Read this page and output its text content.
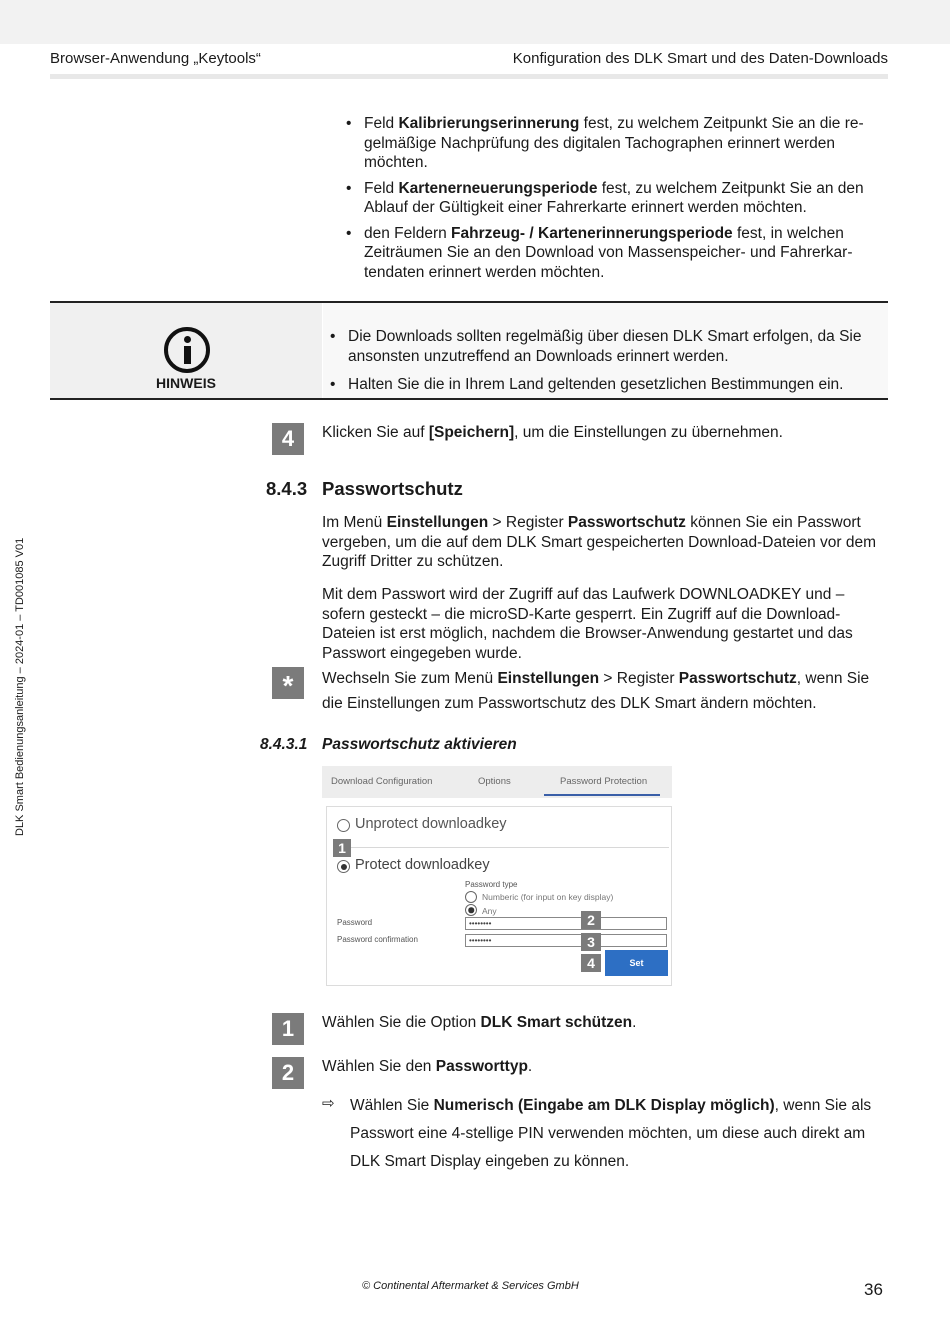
Browser-Anwendung „Keytools“	Konfiguration des DLK Smart und des Daten-Downloads
DLK Smart Bedienungsanleitung – 2024-01 – TD001085 V01
• Feld Kalibrierungserinnerung fest, zu welchem Zeitpunkt Sie an die re-gelmäßige Nachprüfung des digitalen Tachographen erinnert werden möchten.
• Feld Kartenerneuerungsperiode fest, zu welchem Zeitpunkt Sie an den Ablauf der Gültigkeit einer Fahrerkarte erinnert werden möchten.
• den Feldern Fahrzeug- / Kartenerinnerungsperiode fest, in welchen Zeiträumen Sie an den Download von Massenspeicher- und Fahrerkar-tendaten erinnert werden möchten.
HINWEIS
• Die Downloads sollten regelmäßig über diesen DLK Smart erfolgen, da Sie ansonsten unzutreffend an Downloads erinnert werden.
• Halten Sie die in Ihrem Land geltenden gesetzlichen Bestimmungen ein.
4	Klicken Sie auf [Speichern], um die Einstellungen zu übernehmen.
8.4.3 Passwortschutz
Im Menü Einstellungen > Register Passwortschutz können Sie ein Passwort vergeben, um die auf dem DLK Smart gespeicherten Download-Dateien vor dem Zugriff Dritter zu schützen.
Mit dem Passwort wird der Zugriff auf das Laufwerk DOWNLOADKEY und – sofern gesteckt – die microSD-Karte gesperrt. Ein Zugriff auf die Download-Dateien ist erst möglich, nachdem die Browser-Anwendung gestartet und das Passwort eingegeben wurde.
*	Wechseln Sie zum Menü Einstellungen > Register Passwortschutz, wenn Sie die Einstellungen zum Passwortschutz des DLK Smart ändern möchten.
8.4.3.1 Passwortschutz aktivieren
Download Configuration	Options	Password Protection
Unprotect downloadkey
1
Protect downloadkey
Password type
Numberic (for input on key display)
Any
Password	••••••••
Password confirmation	••••••••
2
3
4	Set
1	Wählen Sie die Option DLK Smart schützen.
2	Wählen Sie den Passworttyp.
⇨ Wählen Sie Numerisch (Eingabe am DLK Display möglich), wenn Sie als Passwort eine 4-stellige PIN verwenden möchten, um diese auch direkt am DLK Smart Display eingeben zu können.
© Continental Aftermarket & Services GmbH	36
